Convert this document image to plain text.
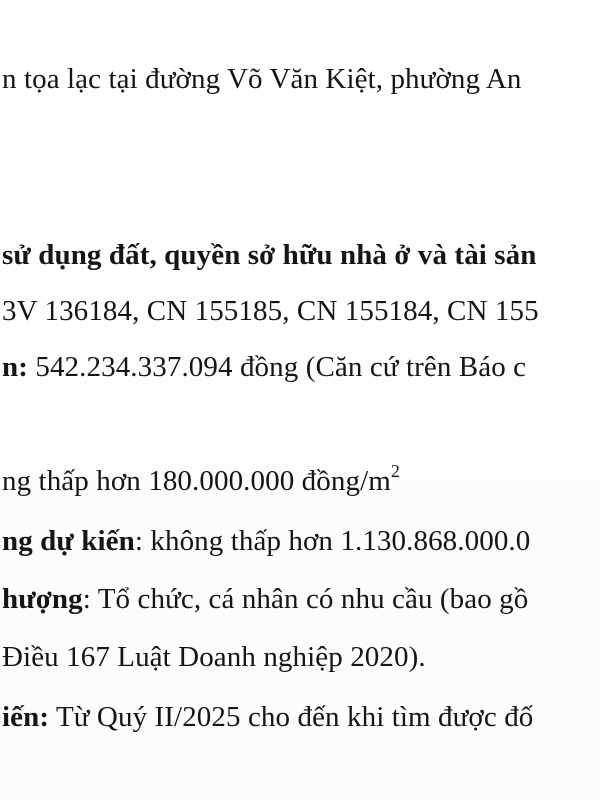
n tọa lạc tại đường Võ Văn Kiệt, phường An
sử dụng đất, quyền sở hữu nhà ở và tài sản
3V 136184, CN 155185, CN 155184, CN 155
n: 542.234.337.094 đồng (Căn cứ trên Báo c
ng thấp hơn 180.000.000 đồng/$m^2$
ng dự kiến: không thấp hơn 1.130.868.000.0
hượng: Tổ chức, cá nhân có nhu cầu (bao gồ
Điều 167 Luật Doanh nghiệp 2020).
iến: Từ Quý II/2025 cho đến khi tìm được đố
